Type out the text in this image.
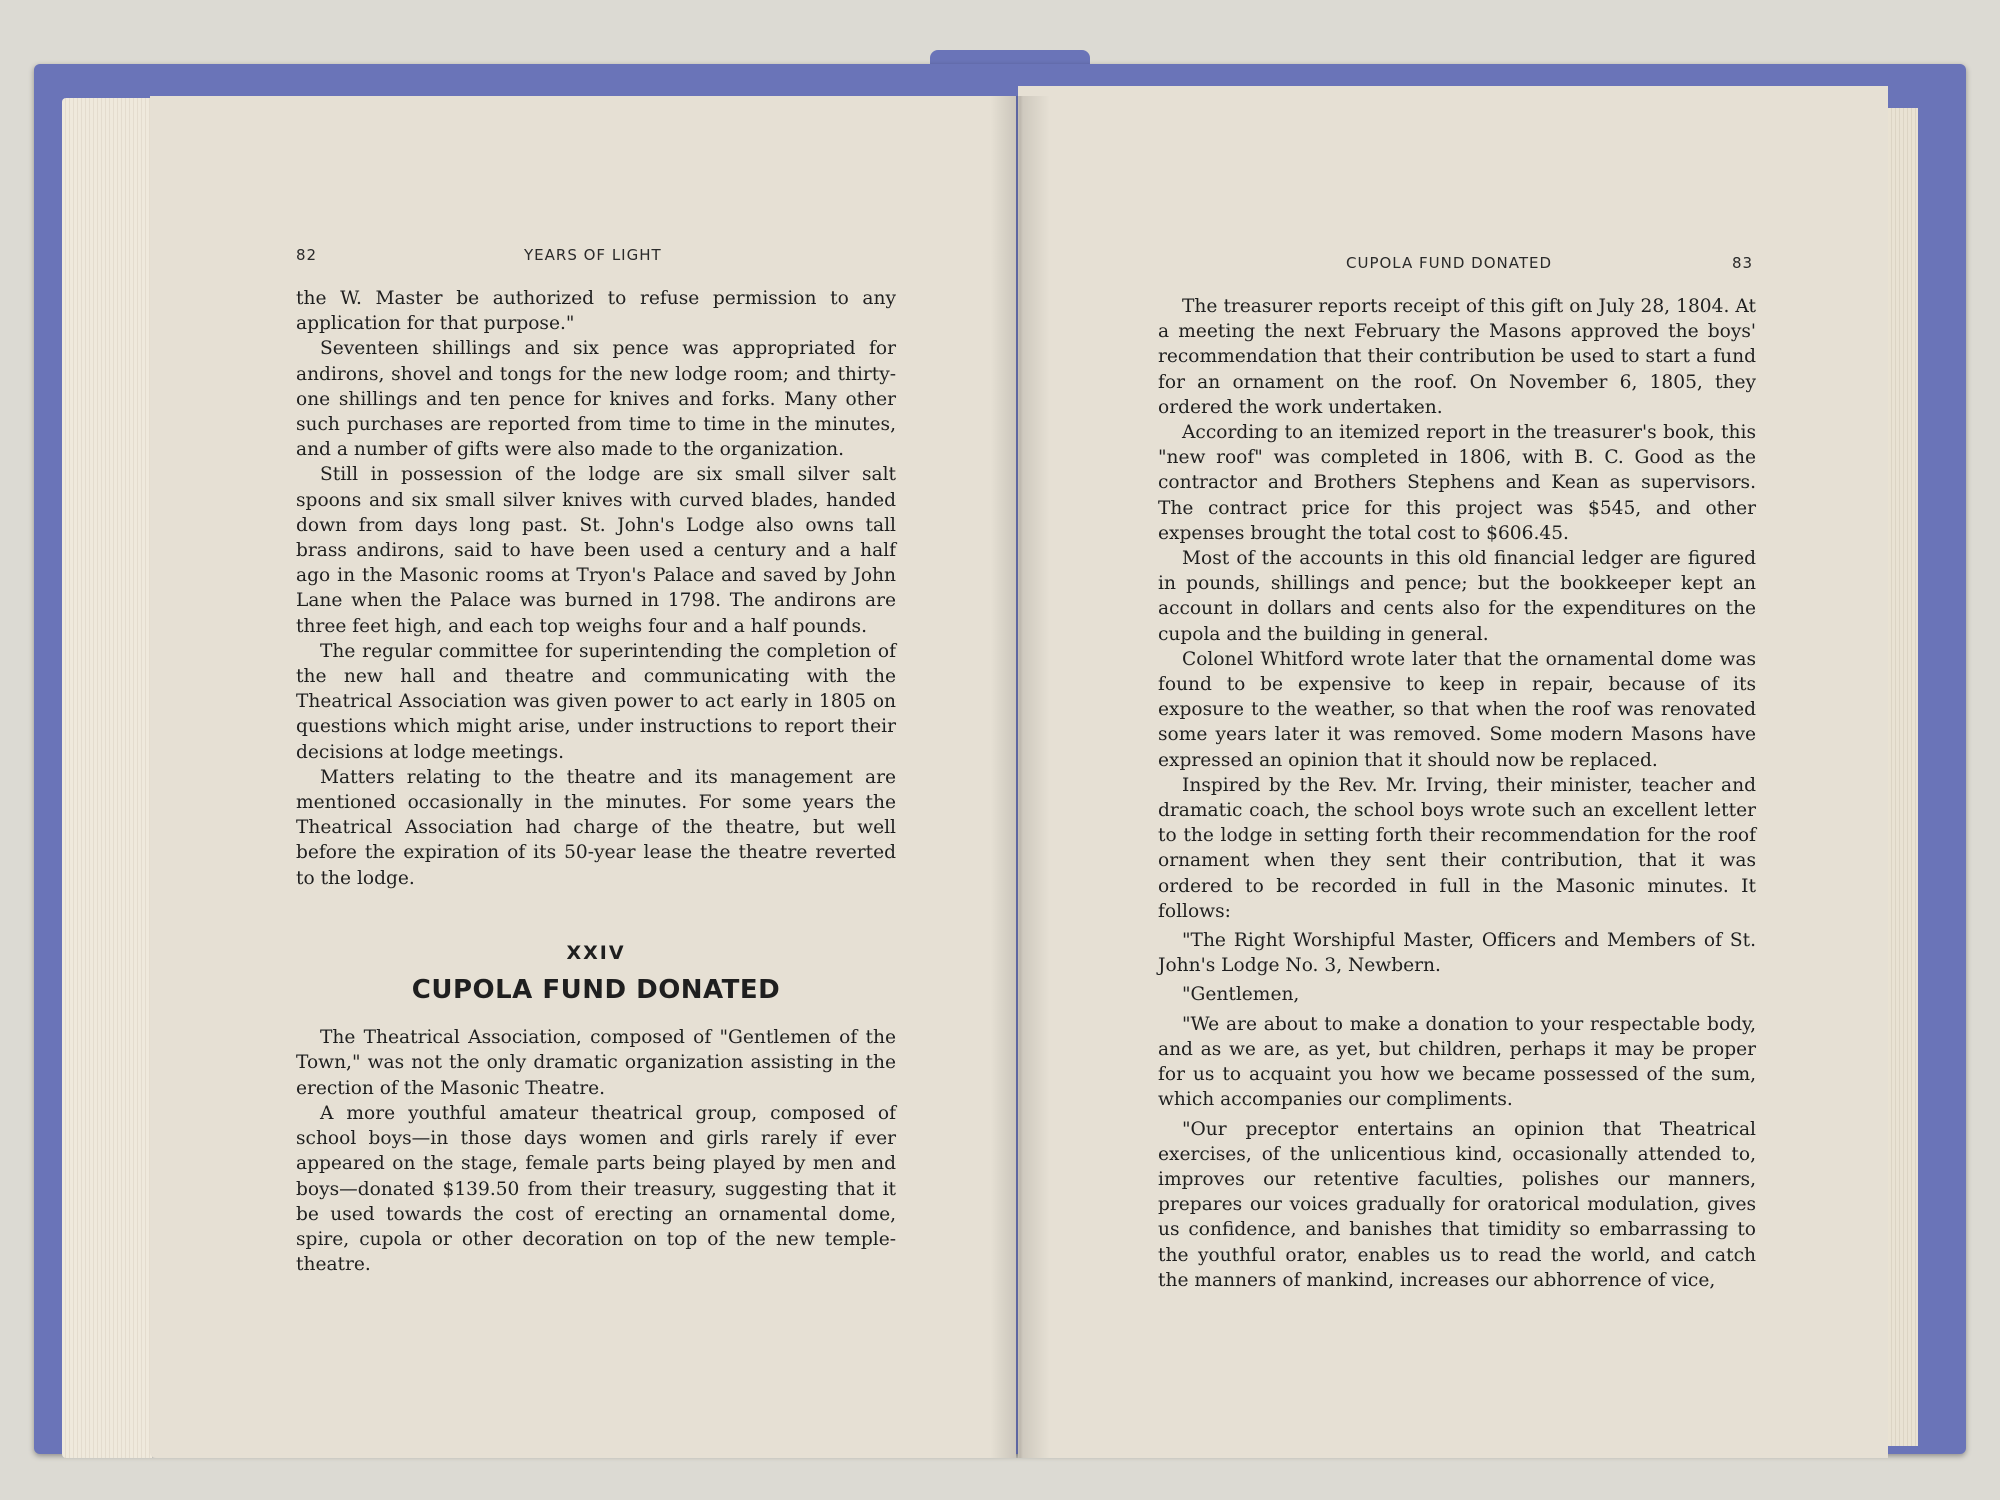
82	YEARS OF LIGHT

the W. Master be authorized to refuse permission to any application for that purpose."

Seventeen shillings and six pence was appropriated for andirons, shovel and tongs for the new lodge room; and thirty-one shillings and ten pence for knives and forks. Many other such purchases are reported from time to time in the minutes, and a number of gifts were also made to the organization.

Still in possession of the lodge are six small silver salt spoons and six small silver knives with curved blades, handed down from days long past. St. John's Lodge also owns tall brass andirons, said to have been used a century and a half ago in the Masonic rooms at Tryon's Palace and saved by John Lane when the Palace was burned in 1798. The andirons are three feet high, and each top weighs four and a half pounds.

The regular committee for superintending the completion of the new hall and theatre and communicating with the Theatrical Association was given power to act early in 1805 on questions which might arise, under instructions to report their decisions at lodge meetings.

Matters relating to the theatre and its management are mentioned occasionally in the minutes. For some years the Theatrical Association had charge of the theatre, but well before the expiration of its 50-year lease the theatre reverted to the lodge.

XXIV
CUPOLA FUND DONATED

The Theatrical Association, composed of "Gentlemen of the Town," was not the only dramatic organization assisting in the erection of the Masonic Theatre.

A more youthful amateur theatrical group, composed of school boys—in those days women and girls rarely if ever appeared on the stage, female parts being played by men and boys—donated $139.50 from their treasury, suggesting that it be used towards the cost of erecting an ornamental dome, spire, cupola or other decoration on top of the new temple-theatre.

CUPOLA FUND DONATED	83

The treasurer reports receipt of this gift on July 28, 1804. At a meeting the next February the Masons approved the boys' recommendation that their contribution be used to start a fund for an ornament on the roof. On November 6, 1805, they ordered the work undertaken.

According to an itemized report in the treasurer's book, this "new roof" was completed in 1806, with B. C. Good as the contractor and Brothers Stephens and Kean as supervisors. The contract price for this project was $545, and other expenses brought the total cost to $606.45.

Most of the accounts in this old financial ledger are figured in pounds, shillings and pence; but the bookkeeper kept an account in dollars and cents also for the expenditures on the cupola and the building in general.

Colonel Whitford wrote later that the ornamental dome was found to be expensive to keep in repair, because of its exposure to the weather, so that when the roof was renovated some years later it was removed. Some modern Masons have expressed an opinion that it should now be replaced.

Inspired by the Rev. Mr. Irving, their minister, teacher and dramatic coach, the school boys wrote such an excellent letter to the lodge in setting forth their recommendation for the roof ornament when they sent their contribution, that it was ordered to be recorded in full in the Masonic minutes. It follows:

"The Right Worshipful Master, Officers and Members of St. John's Lodge No. 3, Newbern.

"Gentlemen,

"We are about to make a donation to your respectable body, and as we are, as yet, but children, perhaps it may be proper for us to acquaint you how we became possessed of the sum, which accompanies our compliments.

"Our preceptor entertains an opinion that Theatrical exercises, of the unlicentious kind, occasionally attended to, improves our retentive faculties, polishes our manners, prepares our voices gradually for oratorical modulation, gives us confidence, and banishes that timidity so embarrassing to the youthful orator, enables us to read the world, and catch the manners of mankind, increases our abhorrence of vice,
